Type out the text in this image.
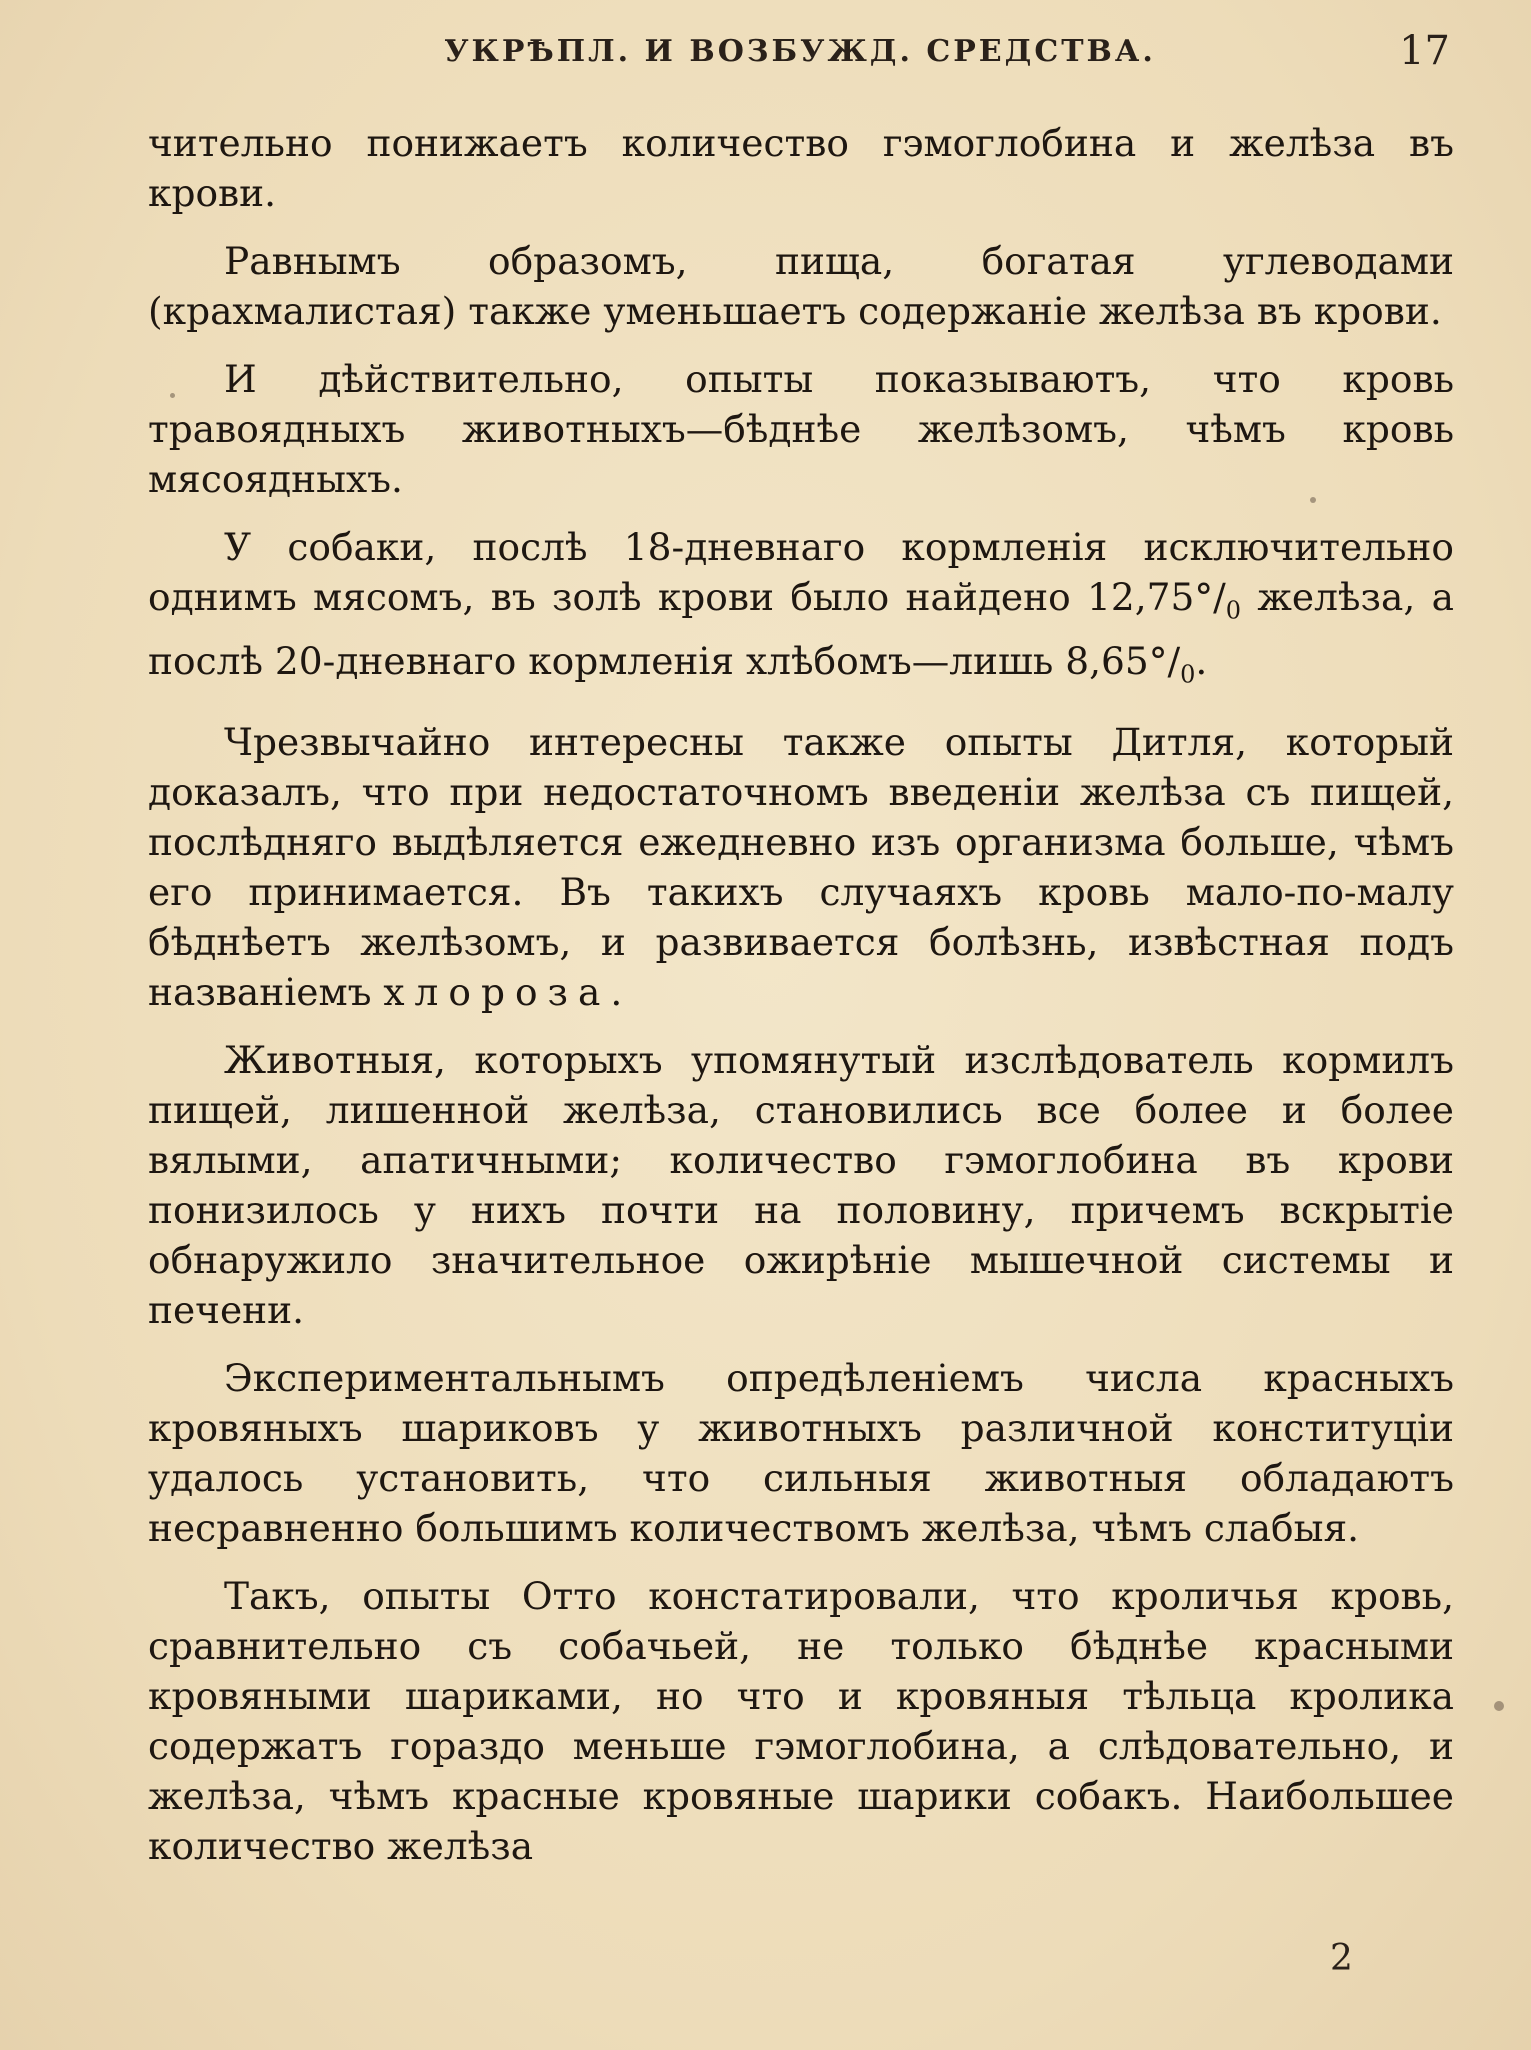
УКРѢПЛ. И ВОЗБУЖД. СРЕДСТВА.	17

чительно понижаетъ количество гэмоглобина и желѣза въ крови.

Равнымъ образомъ, пища, богатая углеводами (крахмалистая) также уменьшаетъ содержаніе желѣза въ крови.

И дѣйствительно, опыты показываютъ, что кровь травоядныхъ животныхъ—бѣднѣе желѣзомъ, чѣмъ кровь мясоядныхъ.

У собаки, послѣ 18-дневнаго кормленія исключительно однимъ мясомъ, въ золѣ крови было найдено $12,75^\circ/_0$ желѣза, а послѣ 20-дневнаго кормленія хлѣбомъ—лишь $8,65^\circ/_0$.

Чрезвычайно интересны также опыты Дитля, который доказалъ, что при недостаточномъ введеніи желѣза съ пищей, послѣдняго выдѣляется ежедневно изъ организма больше, чѣмъ его принимается. Въ такихъ случаяхъ кровь мало-по-малу бѣднѣетъ желѣзомъ, и развивается болѣзнь, извѣстная подъ названіемъ хлороза.

Животныя, которыхъ упомянутый изслѣдователь кормилъ пищей, лишенной желѣза, становились все более и более вялыми, апатичными; количество гэмоглобина въ крови понизилось у нихъ почти на половину, причемъ вскрытіе обнаружило значительное ожирѣніе мышечной системы и печени.

Экспериментальнымъ опредѣленіемъ числа красныхъ кровяныхъ шариковъ у животныхъ различной конституціи удалось установить, что сильныя животныя обладаютъ несравненно большимъ количествомъ желѣза, чѣмъ слабыя.

Такъ, опыты Отто констатировали, что кроличья кровь, сравнительно съ собачьей, не только бѣднѣе красными кровяными шариками, но что и кровяныя тѣльца кролика содержатъ гораздо меньше гэмоглобина, а слѣдовательно, и желѣза, чѣмъ красные кровяные шарики собакъ. Наибольшее количество желѣза

2
